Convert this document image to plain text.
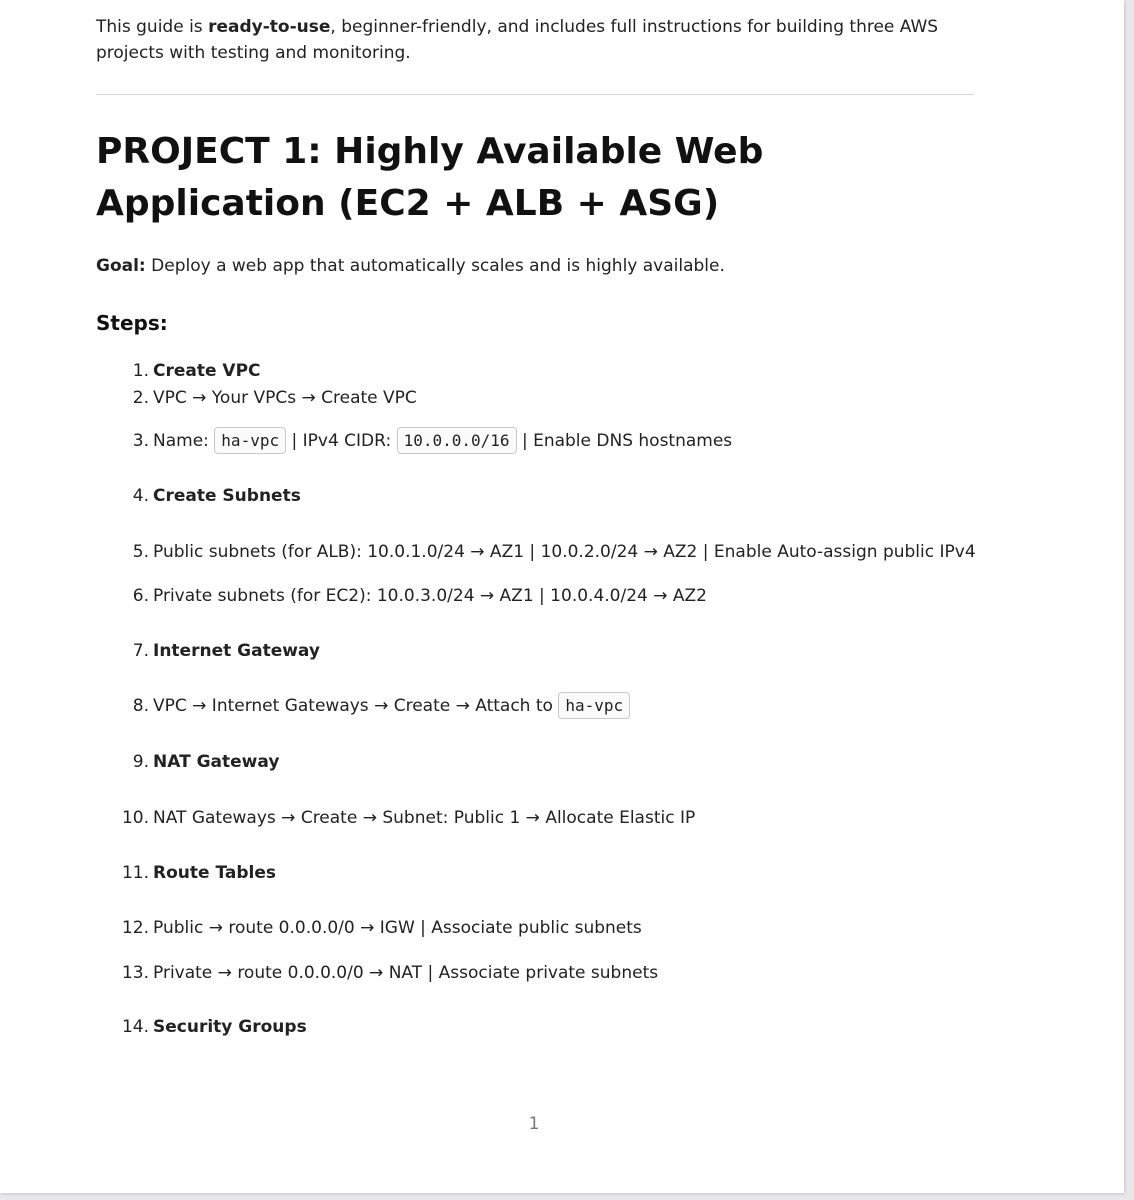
This guide is ready-to-use, beginner-friendly, and includes full instructions for building three AWS projects with testing and monitoring.
PROJECT 1: Highly Available Web Application (EC2 + ALB + ASG)
Goal: Deploy a web app that automatically scales and is highly available.
Steps:
1. Create VPC
2. VPC → Your VPCs → Create VPC
3. Name: ha-vpc | IPv4 CIDR: 10.0.0.0/16 | Enable DNS hostnames
4. Create Subnets
5. Public subnets (for ALB): 10.0.1.0/24 → AZ1 | 10.0.2.0/24 → AZ2 | Enable Auto-assign public IPv4
6. Private subnets (for EC2): 10.0.3.0/24 → AZ1 | 10.0.4.0/24 → AZ2
7. Internet Gateway
8. VPC → Internet Gateways → Create → Attach to ha-vpc
9. NAT Gateway
10. NAT Gateways → Create → Subnet: Public 1 → Allocate Elastic IP
11. Route Tables
12. Public → route 0.0.0.0/0 → IGW | Associate public subnets
13. Private → route 0.0.0.0/0 → NAT | Associate private subnets
14. Security Groups
1
